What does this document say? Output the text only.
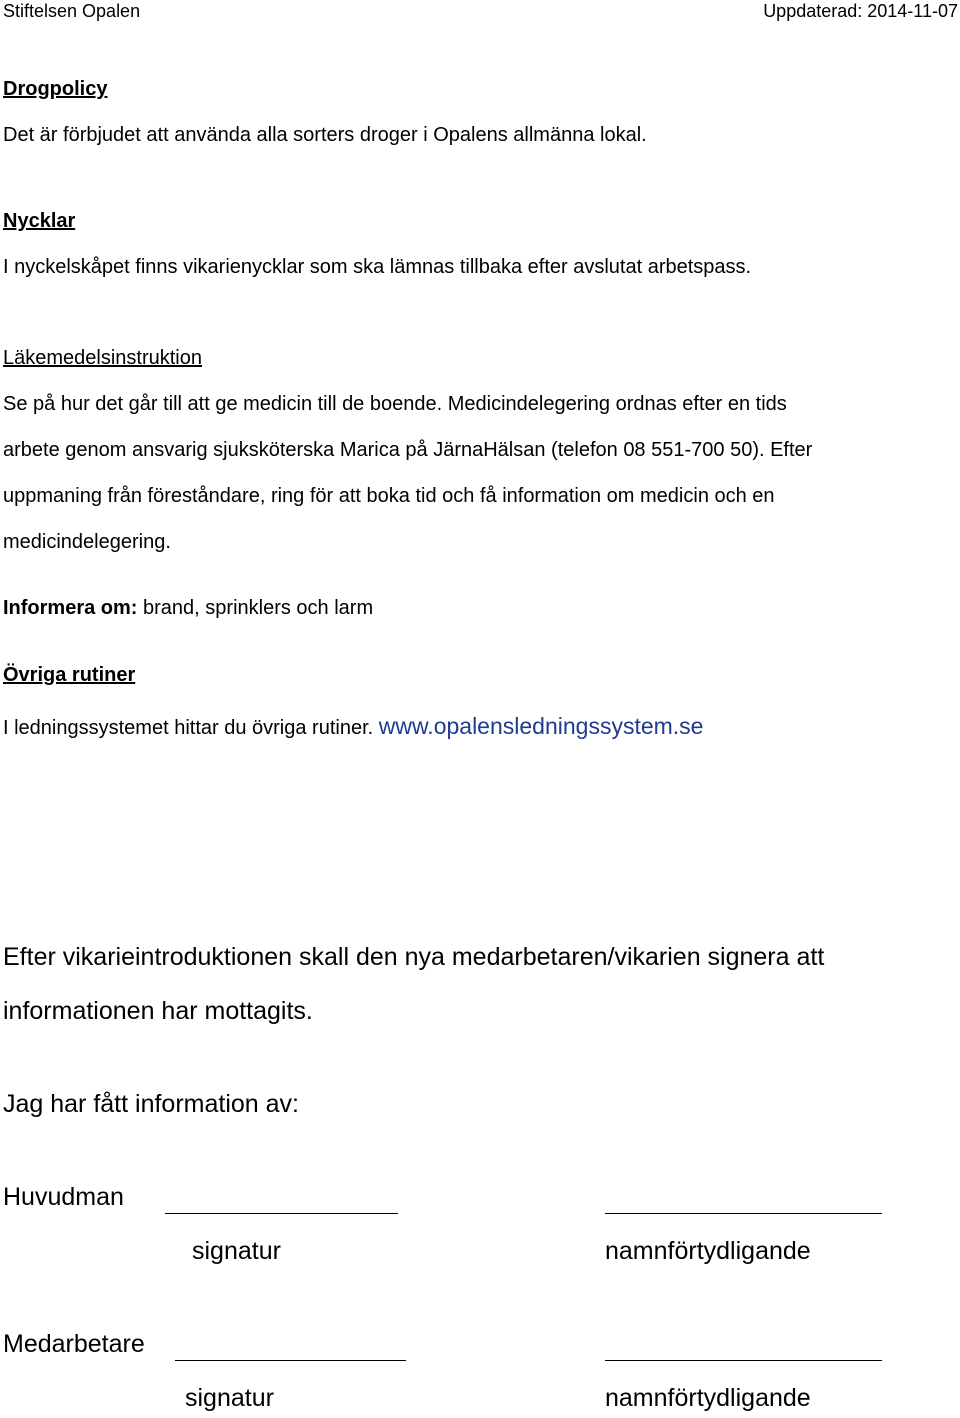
Stiftelsen Opalen	Uppdaterad: 2014-11-07
Drogpolicy
Det är förbjudet att använda alla sorters droger i Opalens allmänna lokal.
Nycklar
I nyckelskåpet finns vikarienycklar som ska lämnas tillbaka efter avslutat arbetspass.
Läkemedelsinstruktion
Se på hur det går till att ge medicin till de boende. Medicindelegering ordnas efter en tids
arbete genom ansvarig sjuksköterska Marica på JärnaHälsan (telefon 08 551-700 50). Efter
uppmaning från föreståndare, ring för att boka tid och få information om medicin och en
medicindelegering.
Informera om: brand, sprinklers och larm
Övriga rutiner
I ledningssystemet hittar du övriga rutiner. www.opalensledningssystem.se
Efter vikarieintroduktionen skall den nya medarbetaren/vikarien signera att
informationen har mottagits.
Jag har fått information av:
Huvudman
signatur	namnförtydligande
Medarbetare
signatur	namnförtydligande
